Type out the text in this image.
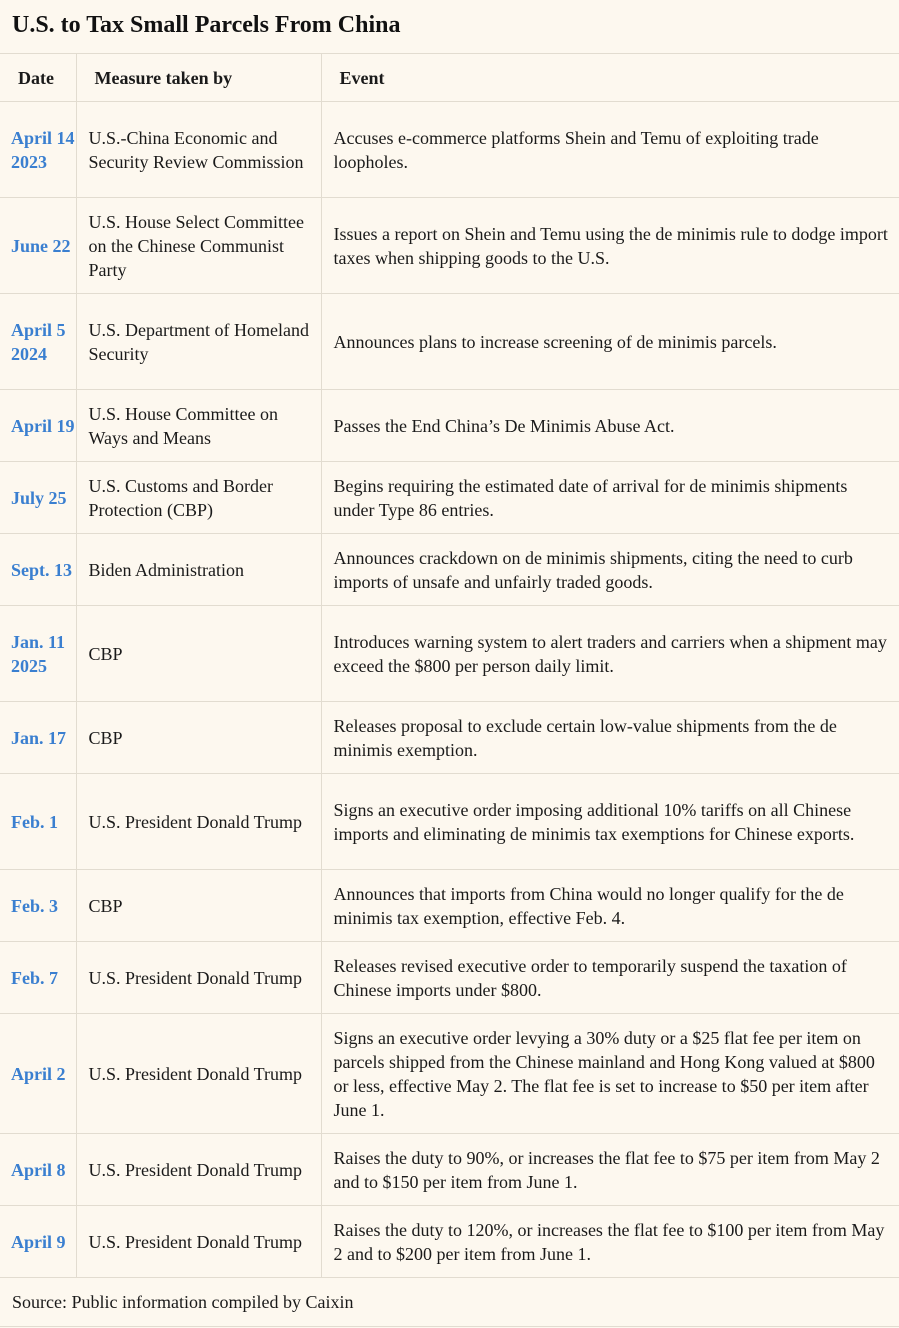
U.S. to Tax Small Parcels From China
Date	Measure taken by	Event
April 14 2023	U.S.-China Economic and Security Review Commission	Accuses e-commerce platforms Shein and Temu of exploiting trade loopholes.
June 22	U.S. House Select Committee on the Chinese Communist Party	Issues a report on Shein and Temu using the de minimis rule to dodge import taxes when shipping goods to the U.S.
April 5 2024	U.S. Department of Homeland Security	Announces plans to increase screening of de minimis parcels.
April 19	U.S. House Committee on Ways and Means	Passes the End China’s De Minimis Abuse Act.
July 25	U.S. Customs and Border Protection (CBP)	Begins requiring the estimated date of arrival for de minimis shipments under Type 86 entries.
Sept. 13	Biden Administration	Announces crackdown on de minimis shipments, citing the need to curb imports of unsafe and unfairly traded goods.
Jan. 11 2025	CBP	Introduces warning system to alert traders and carriers when a shipment may exceed the $800 per person daily limit.
Jan. 17	CBP	Releases proposal to exclude certain low-value shipments from the de minimis exemption.
Feb. 1	U.S. President Donald Trump	Signs an executive order imposing additional 10% tariffs on all Chinese imports and eliminating de minimis tax exemptions for Chinese exports.
Feb. 3	CBP	Announces that imports from China would no longer qualify for the de minimis tax exemption, effective Feb. 4.
Feb. 7	U.S. President Donald Trump	Releases revised executive order to temporarily suspend the taxation of Chinese imports under $800.
April 2	U.S. President Donald Trump	Signs an executive order levying a 30% duty or a $25 flat fee per item on parcels shipped from the Chinese mainland and Hong Kong valued at $800 or less, effective May 2. The flat fee is set to increase to $50 per item after June 1.
April 8	U.S. President Donald Trump	Raises the duty to 90%, or increases the flat fee to $75 per item from May 2 and to $150 per item from June 1.
April 9	U.S. President Donald Trump	Raises the duty to 120%, or increases the flat fee to $100 per item from May 2 and to $200 per item from June 1.
Source: Public information compiled by Caixin
